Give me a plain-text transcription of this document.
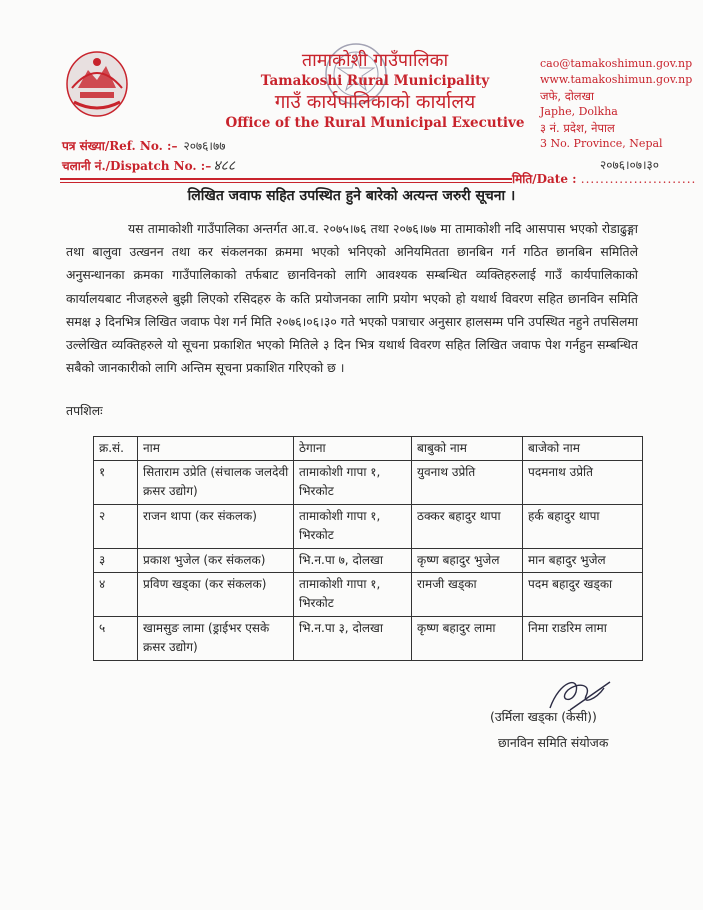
तामाकोशी गाउँपालिका
Tamakoshi Rural Municipality
गाउँ कार्यपालिकाको कार्यालय
Office of the Rural Municipal Executive
cao@tamakoshimun.gov.np
www.tamakoshimun.gov.np
जफे, दोलखा
Japhe, Dolkha
३ नं. प्रदेश, नेपाल
3 No. Province, Nepal
पत्र संख्या/Ref. No. :– २०७६।७७
चलानी नं./Dispatch No. :– ४८८	२०७६।०७।३०
मिति/Date : ........................
लिखित जवाफ सहित उपस्थित हुने बारेको अत्यन्त जरुरी सूचना ।
यस तामाकोशी गाउँपालिका अन्तर्गत आ.व. २०७५।७६ तथा २०७६।७७ मा तामाकोशी नदि आसपास भएको रोडाढुङ्गा तथा बालुवा उत्खनन तथा कर संकलनका क्रममा भएको भनिएको अनियमितता छानबिन गर्न गठित छानबिन समितिले अनुसन्धानका क्रमका गाउँपालिकाको तर्फबाट छानविनको लागि आवश्यक सम्बन्धित व्यक्तिहरुलाई गाउँ कार्यपालिकाको कार्यालयबाट नीजहरुले बुझी लिएको रसिदहरु के कति प्रयोजनका लागि प्रयोग भएको हो यथार्थ विवरण सहित छानविन समिति समक्ष ३ दिनभित्र लिखित जवाफ पेश गर्न मिति २०७६।०६।३० गते भएको पत्राचार अनुसार हालसम्म पनि उपस्थित नहुने तपसिलमा उल्लेखित व्यक्तिहरुले यो सूचना प्रकाशित भएको मितिले ३ दिन भित्र यथार्थ विवरण सहित लिखित जवाफ पेश गर्नहुन सम्बन्धित सबैको जानकारीको लागि अन्तिम सूचना प्रकाशित गरिएको छ ।
तपशिलः
क्र.सं.	नाम	ठेगाना	बाबुको नाम	बाजेको नाम
१	सिताराम उप्रेति (संचालक जलदेवी क्रसर उद्योग)	तामाकोशी गापा १, भिरकोट	युवनाथ उप्रेति	पदमनाथ उप्रेति
२	राजन थापा (कर संकलक)	तामाकोशी गापा १, भिरकोट	ठक्कर बहादुर थापा	हर्क बहादुर थापा
३	प्रकाश भुजेल (कर संकलक)	भि.न.पा ७, दोलखा	कृष्ण बहादुर भुजेल	मान बहादुर भुजेल
४	प्रविण खड्का (कर संकलक)	तामाकोशी गापा १, भिरकोट	रामजी खड्का	पदम बहादुर खड्का
५	खामसुङ लामा (ड्राईभर एसके क्रसर उद्योग)	भि.न.पा ३, दोलखा	कृष्ण बहादुर लामा	निमा राडरिम लामा
(उर्मिला खड्का (केसी))
छानविन समिति संयोजक
